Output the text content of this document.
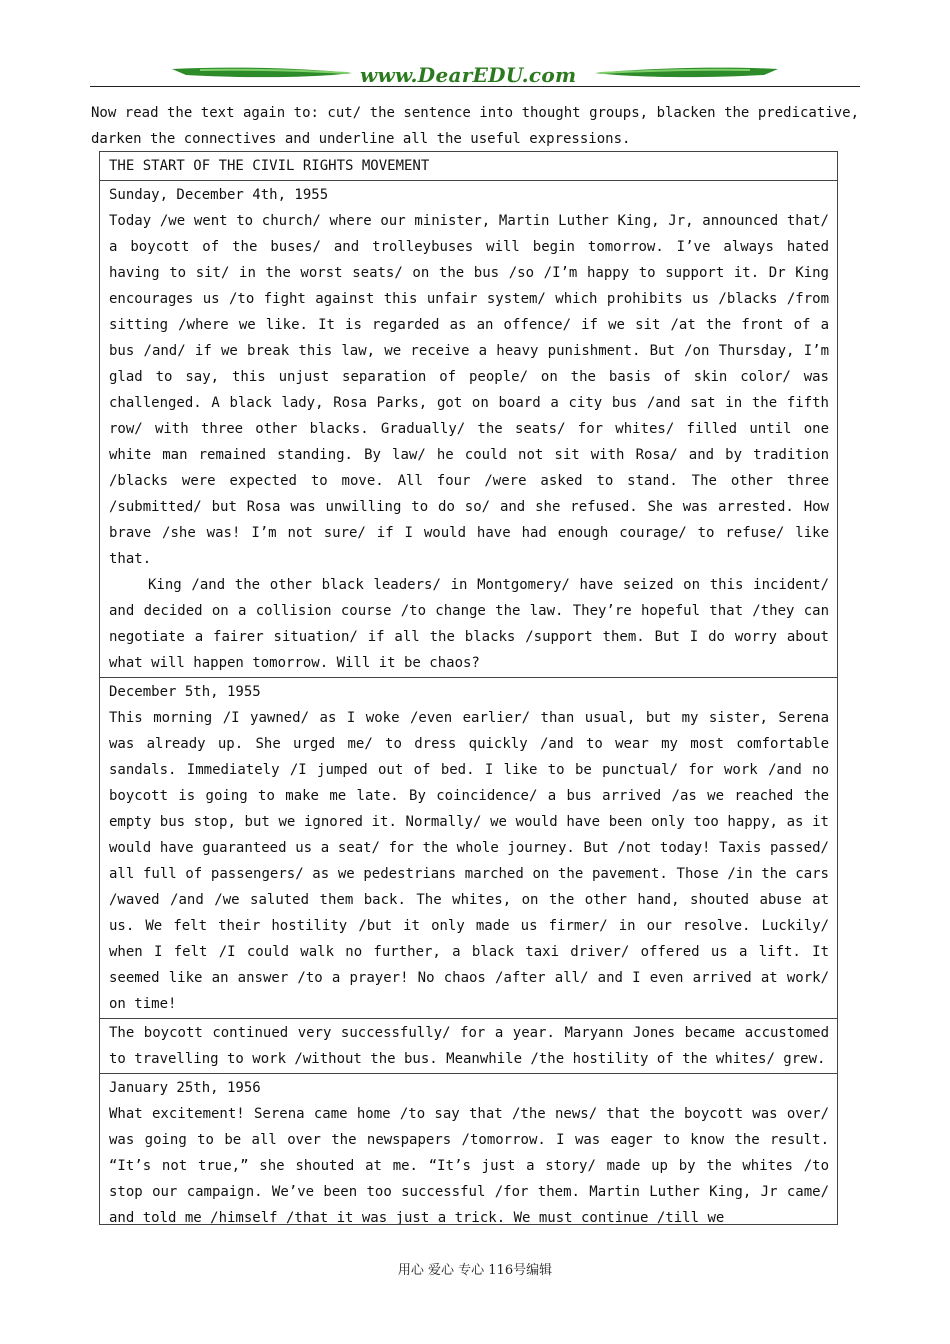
www.DearEDU.com
Now read the text again to: cut/ the sentence into thought groups, blacken the predicative, darken the connectives and underline all the useful expressions.

THE START OF THE CIVIL RIGHTS MOVEMENT

Sunday, December 4th, 1955

Today /we went to church/ where our minister, Martin Luther King, Jr, announced that/ a boycott of the buses/ and trolleybuses will begin tomorrow. I’ve always hated having to sit/ in the worst seats/ on the bus /so /I’m happy to support it. Dr King encourages us /to fight against this unfair system/ which prohibits us /blacks /from sitting /where we like. It is regarded as an offence/ if we sit /at the front of a bus /and/ if we break this law, we receive a heavy punishment. But /on Thursday, I’m glad to say, this unjust separation of people/ on the basis of skin color/ was challenged. A black lady, Rosa Parks, got on board a city bus /and sat in the fifth row/ with three other blacks. Gradually/ the seats/ for whites/ filled until one white man remained standing. By law/ he could not sit with Rosa/ and by tradition /blacks were expected to move. All four /were asked to stand. The other three /submitted/ but Rosa was unwilling to do so/ and she refused. She was arrested. How brave /she was! I’m not sure/ if I would have had enough courage/ to refuse/ like that.

King /and the other black leaders/ in Montgomery/ have seized on this incident/ and decided on a collision course /to change the law. They’re hopeful that /they can negotiate a fairer situation/ if all the blacks /support them. But I do worry about what will happen tomorrow. Will it be chaos?

December 5th, 1955

This morning /I yawned/ as I woke /even earlier/ than usual, but my sister, Serena was already up. She urged me/ to dress quickly /and to wear my most comfortable sandals. Immediately /I jumped out of bed. I like to be punctual/ for work /and no boycott is going to make me late. By coincidence/ a bus arrived /as we reached the empty bus stop, but we ignored it. Normally/ we would have been only too happy, as it would have guaranteed us a seat/ for the whole journey. But /not today! Taxis passed/ all full of passengers/ as we pedestrians marched on the pavement. Those /in the cars /waved /and /we saluted them back. The whites, on the other hand, shouted abuse at us. We felt their hostility /but it only made us firmer/ in our resolve. Luckily/ when I felt /I could walk no further, a black taxi driver/ offered us a lift. It seemed like an answer /to a prayer! No chaos /after all/ and I even arrived at work/ on time!

The boycott continued very successfully/ for a year. Maryann Jones became accustomed to travelling to work /without the bus. Meanwhile /the hostility of the whites/ grew.

January 25th, 1956

What excitement! Serena came home /to say that /the news/ that the boycott was over/ was going to be all over the newspapers /tomorrow. I was eager to know the result. “It’s not true,” she shouted at me. “It’s just a story/ made up by the whites /to stop our campaign. We’ve been too successful /for them. Martin Luther King, Jr came/ and told me /himself /that it was just a trick. We must continue /till we

用心 爱心 专心 116号编辑
